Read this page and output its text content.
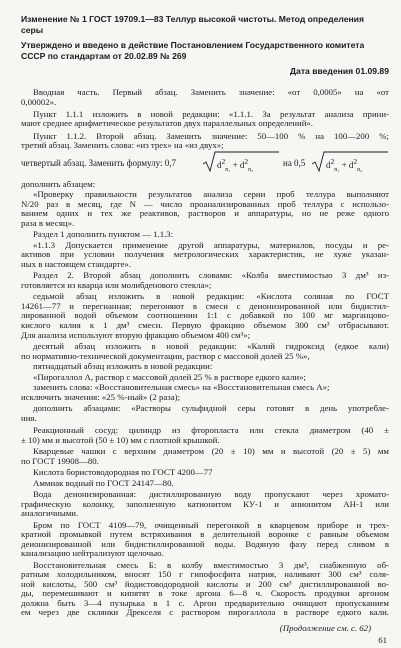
Изменение № 1 ГОСТ 19709.1—83 Теллур высокой чистоты. Метод определения
серы
Утверждено и введено в действие Постановлением Государственного комитета
СССР по стандартам от 20.02.89 № 269
Дата введения 01.09.89
Вводная часть. Первый абзац. Заменить значение: «от 0,0005» на «от
0,00002».
Пункт 1.1.1 изложить в новой редакции: «1.1.1. За результат анализа прини-
мают среднее арифметическое результатов двух параллельных определений».
Пункт 1.1.2. Второй абзац. Заменить значение: 50—100 % на 100—200 %;
третий абзац. Заменить слова: «из трех» на «из двух»;
четвертый абзац. Заменить формулу: 0,7	$d^2_{n_1} + d^2_{n_2}$
на 0,5 $d^2_{n_1} + d^2_{n_2}$
дополнить абзацем:
«Проверку правильности результатов анализа серии проб теллура выполняют
N/20 раз в месяц, где N — число проанализированных проб теллура с использо-
ванием одних и тех же реактивов, растворов и аппаратуры, но не реже одного
раза в месяц».
Раздел 1 дополнить пунктом — 1.1.3:
«1.1.3 Допускается применение другой аппаратуры, материалов, посуды и ре-
активов при условии получения метрологических характеристик, не хуже указан-
ных в настоящем стандарте».
Раздел 2. Второй абзац дополнить словами: «Колба вместимостью 3 дм³ из-
готовляется из кварца или молибденового стекла»;
седьмой абзац изложить в новой редакции: «Кислота соляная по ГОСТ
14261—77 и перегнанная; перегоняют в смеси с деионизированной или бидистил-
лированной водой объемом соотношении 1:1 с добавкой по 100 мг марганцово-
кислого калия к 1 дм³ смеси. Первую фракцию объемом 300 см³ отбрасывают.
Для анализа используют вторую фракцию объемом 400 см³»;
десятый абзац изложить в новой редакции: «Калий гидроксид (едкое кали)
по нормативно-технической документации, раствор с массовой долей 25 %»,
пятнадцатый абзац изложить в новой редакции:
«Пирогаллол А, раствор с массовой долей 25 % в растворе едкого кали»;
заменить слова: «Восстановительная смесь» на «Восстановительная смесь А»;
исключить значения: «25 %-ный» (2 раза);
дополнить абзацами: «Растворы сульфидной серы готовят в день употребле-
ния.
Реакционный сосуд: цилиндр из фторопласта или стекла диаметром (40 ±
± 10) мм и высотой (50 ± 10) мм с плотной крышкой.
Кварцевые чашки с верхним диаметром (20 ± 10) мм и высотой (20 ± 5) мм
по ГОСТ 19908—80.
Кислота бориcтоводородная по ГОСТ 4200—77
Аммиак водный по ГОСТ 24147—80.
Вода деионизированная: дистиллированную воду пропускают через хромато-
графическую колонку, заполненную катионитом КУ-1 и анионитом АН-1 или
аналогичными.
Бром по ГОСТ 4109—79, очищенный перегонкой в кварцевом приборе и трех-
кратной промывкой путем встряхивания в делительной воронке с равным объемом
деионизированной или бидистиллированной воды. Водяную фазу перед сливом в
канализацию нейтрализуют щелочью.
Восстановительная смесь Б: в колбу вместимостью 3 дм³, снабженную об-
ратным холодильником, вносят 150 г гипофосфита натрия, наливают 300 см³ соля-
ной кислоты, 500 см³ йодистоводородной кислоты и 200 см³ дистиллированной во-
ды, перемешивают и кипятят в токе аргона 6—8 ч. Скорость продувки аргоном
должна быть 3—4 пузырька в 1 с. Аргон предварительно очищают пропусканием
ем через две склянки Дрекселя с раствором пирогаллола в растворе едкого кали.
(Продолжение см. с. 62)
61
